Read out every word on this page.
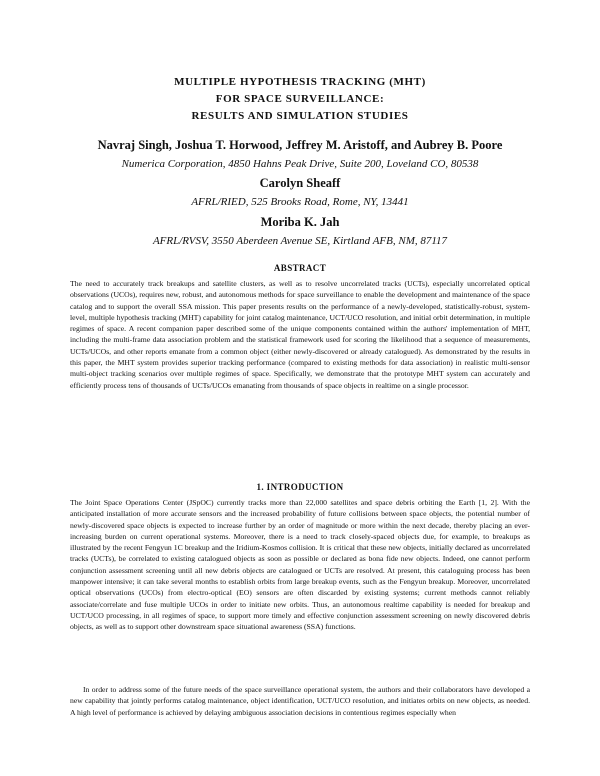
MULTIPLE HYPOTHESIS TRACKING (MHT)
FOR SPACE SURVEILLANCE:
RESULTS AND SIMULATION STUDIES
Navraj Singh, Joshua T. Horwood, Jeffrey M. Aristoff, and Aubrey B. Poore
Numerica Corporation, 4850 Hahns Peak Drive, Suite 200, Loveland CO, 80538
Carolyn Sheaff
AFRL/RIED, 525 Brooks Road, Rome, NY, 13441
Moriba K. Jah
AFRL/RVSV, 3550 Aberdeen Avenue SE, Kirtland AFB, NM, 87117
ABSTRACT

The need to accurately track breakups and satellite clusters, as well as to resolve uncorrelated tracks (UCTs), especially uncorrelated optical observations (UCOs), requires new, robust, and autonomous methods for space surveillance to enable the development and maintenance of the space catalog and to support the overall SSA mission. This paper presents results on the performance of a newly-developed, statistically-robust, system-level, multiple hypothesis tracking (MHT) capability for joint catalog maintenance, UCT/UCO resolution, and initial orbit determination, in multiple regimes of space. A recent companion paper described some of the unique components contained within the authors' implementation of MHT, including the multi-frame data association problem and the statistical framework used for scoring the likelihood that a sequence of measurements, UCTs/UCOs, and other reports emanate from a common object (either newly-discovered or already catalogued). As demonstrated by the results in this paper, the MHT system provides superior tracking performance (compared to existing methods for data association) in realistic multi-sensor multi-object tracking scenarios over multiple regimes of space. Specifically, we demonstrate that the prototype MHT system can accurately and efficiently process tens of thousands of UCTs/UCOs emanating from thousands of space objects in realtime on a single processor.

1. INTRODUCTION

The Joint Space Operations Center (JSpOC) currently tracks more than 22,000 satellites and space debris orbiting the Earth [1, 2]. With the anticipated installation of more accurate sensors and the increased probability of future collisions between space objects, the potential number of newly-discovered space objects is expected to increase further by an order of magnitude or more within the next decade, thereby placing an ever-increasing burden on current operational systems. Moreover, there is a need to track closely-spaced objects due, for example, to breakups as illustrated by the recent Fengyun 1C breakup and the Iridium-Kosmos collision. It is critical that these new objects, initially declared as uncorrelated tracks (UCTs), be correlated to existing catalogued objects as soon as possible or declared as bona fide new objects. Indeed, one cannot perform conjunction assessment screening until all new debris objects are catalogued or UCTs are resolved. At present, this cataloguing process has been manpower intensive; it can take several months to establish orbits from large breakup events, such as the Fengyun breakup. Moreover, uncorrelated optical observations (UCOs) from electro-optical (EO) sensors are often discarded by existing systems; current methods cannot reliably associate/correlate and fuse multiple UCOs in order to initiate new orbits. Thus, an autonomous realtime capability is needed for breakup and UCT/UCO processing, in all regimes of space, to support more timely and effective conjunction assessment screening on newly discovered debris objects, as well as to support other downstream space situational awareness (SSA) functions.

In order to address some of the future needs of the space surveillance operational system, the authors and their collaborators have developed a new capability that jointly performs catalog maintenance, object identification, UCT/UCO resolution, and initiates orbits on new objects, as needed. A high level of performance is achieved by delaying ambiguous association decisions in contentious regimes especially when
